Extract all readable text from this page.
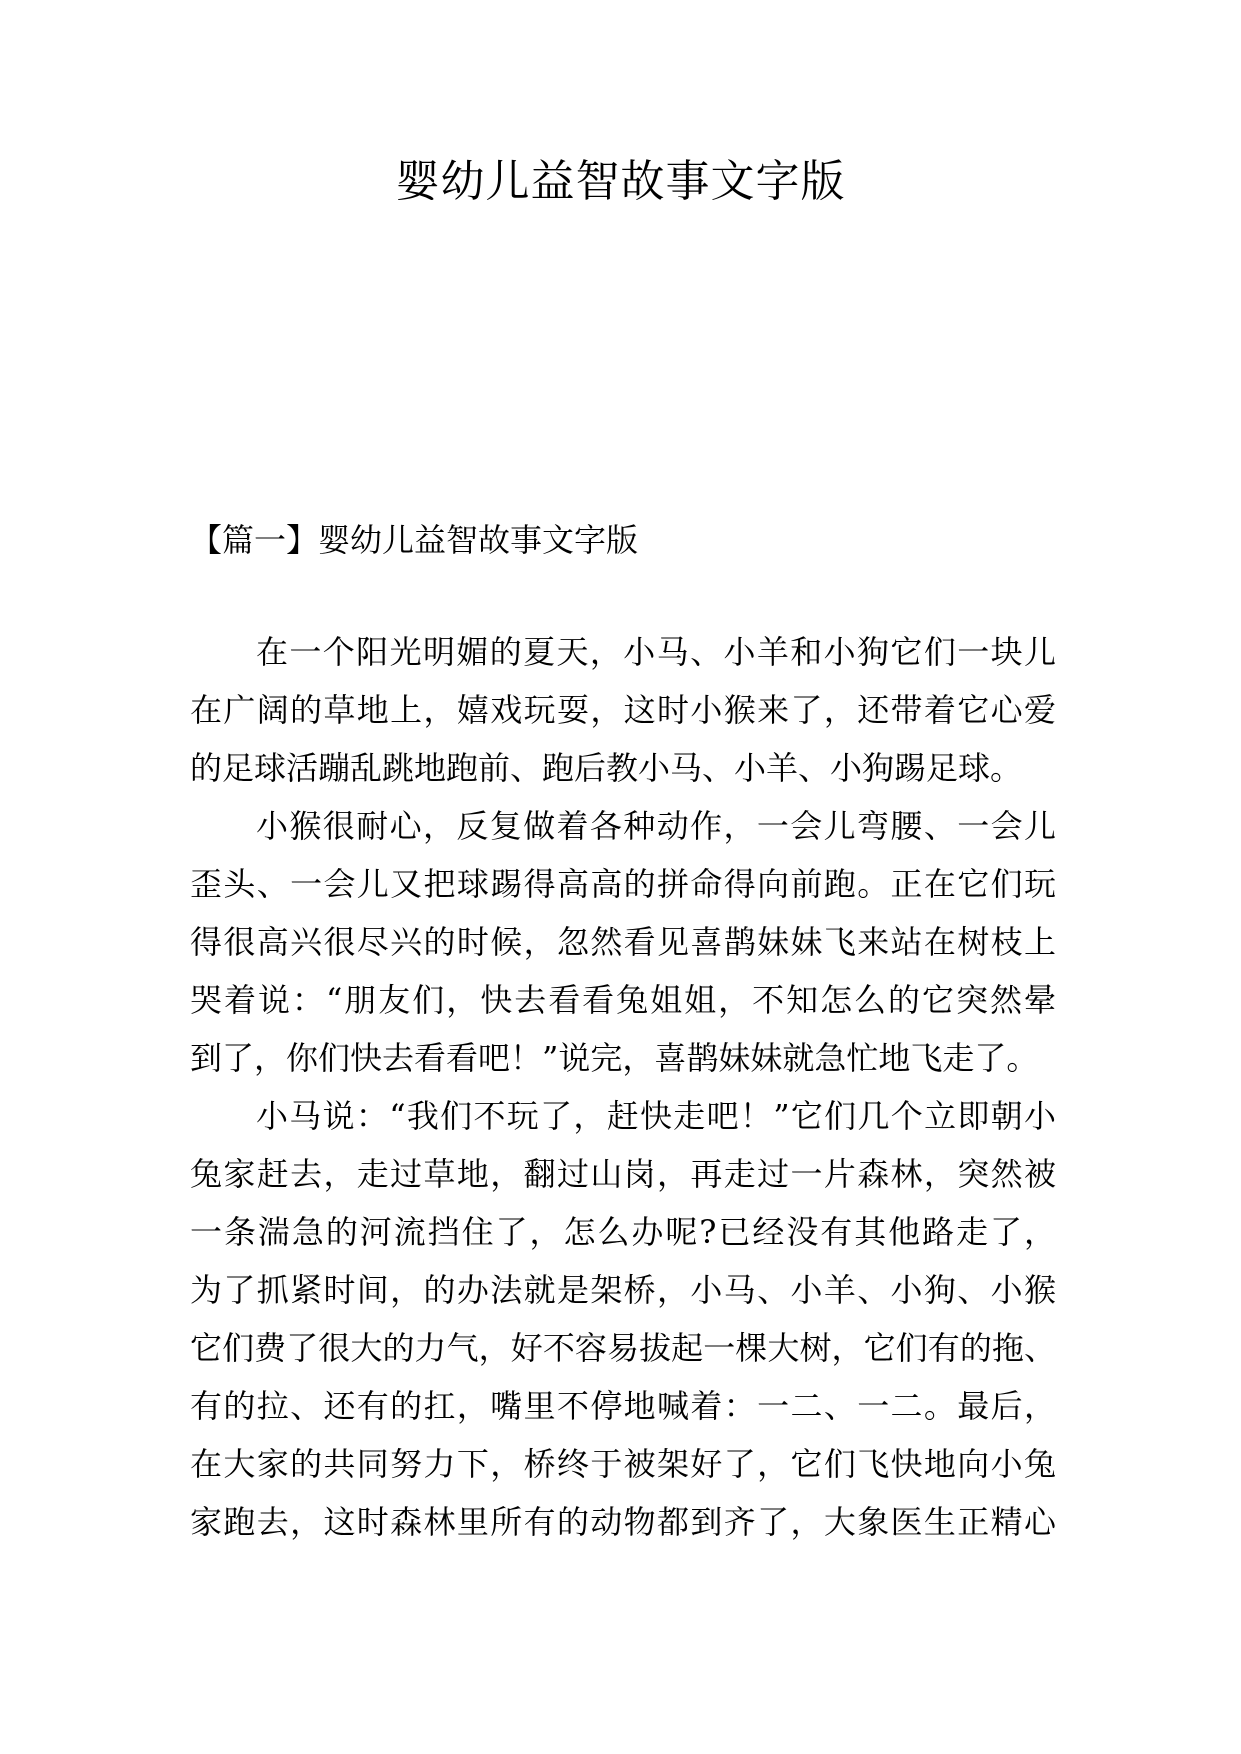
婴幼儿益智故事文字版
【篇一】婴幼儿益智故事文字版

在一个阳光明媚的夏天，小马、小羊和小狗它们一块儿

在广阔的草地上，嬉戏玩耍，这时小猴来了，还带着它心爱

的足球活蹦乱跳地跑前、跑后教小马、小羊、小狗踢足球。

小猴很耐心，反复做着各种动作，一会儿弯腰、一会儿

歪头、一会儿又把球踢得高高的拼命得向前跑。正在它们玩

得很高兴很尽兴的时候，忽然看见喜鹊妹妹飞来站在树枝上

哭着说：“朋友们，快去看看兔姐姐，不知怎么的它突然晕

到了，你们快去看看吧！”说完，喜鹊妹妹就急忙地飞走了。

小马说：“我们不玩了，赶快走吧！”它们几个立即朝小

兔家赶去，走过草地，翻过山岗，再走过一片森林，突然被

一条湍急的河流挡住了，怎么办呢?已经没有其他路走了，

为了抓紧时间，的办法就是架桥，小马、小羊、小狗、小猴

它们费了很大的力气，好不容易拔起一棵大树，它们有的拖、

有的拉、还有的扛，嘴里不停地喊着：一二、一二。最后，

在大家的共同努力下，桥终于被架好了，它们飞快地向小兔

家跑去，这时森林里所有的动物都到齐了，大象医生正精心
